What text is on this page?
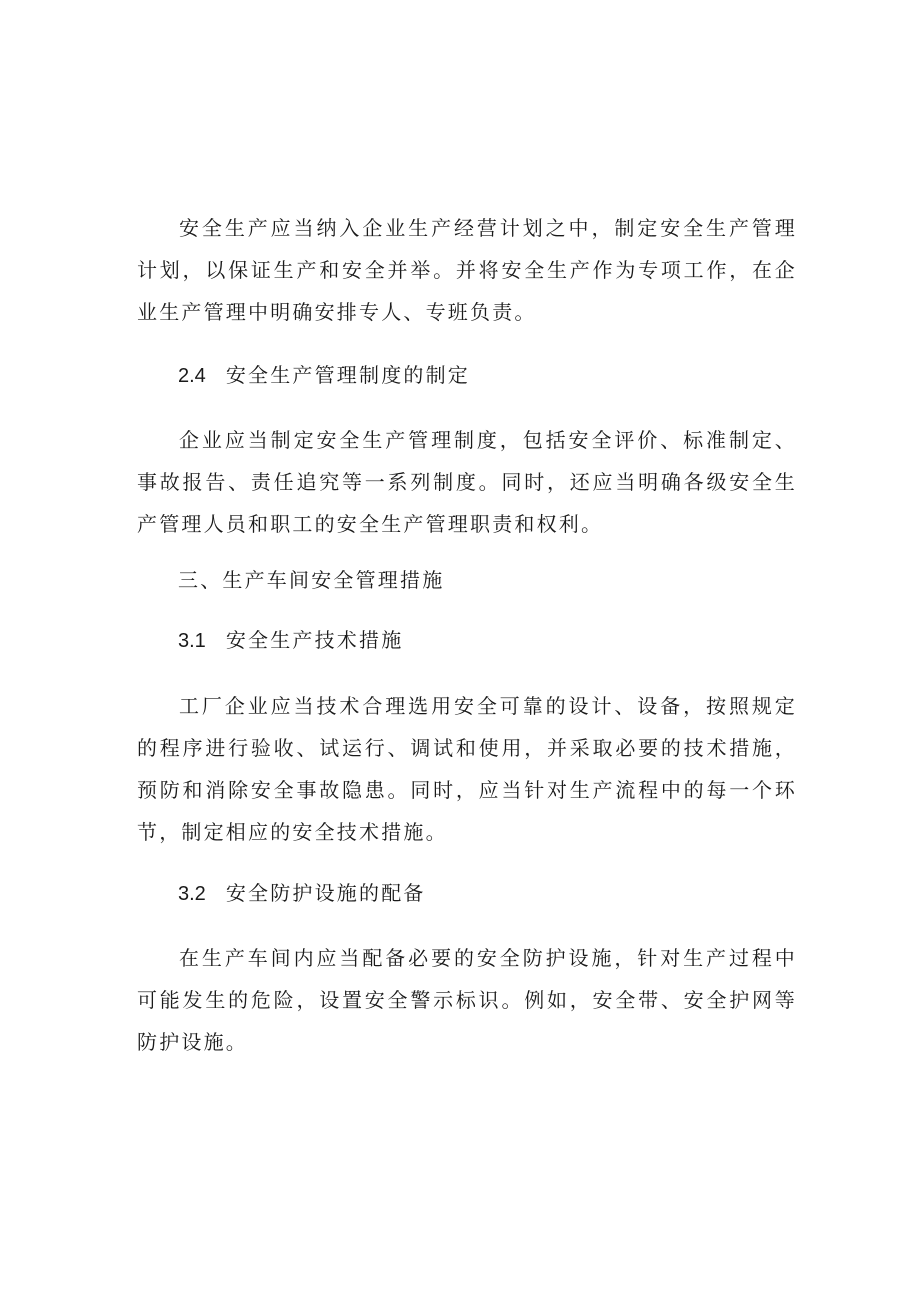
安全生产应当纳入企业生产经营计划之中，制定安全生产管理计划，以保证生产和安全并举。并将安全生产作为专项工作，在企业生产管理中明确安排专人、专班负责。

2.4 安全生产管理制度的制定

企业应当制定安全生产管理制度，包括安全评价、标准制定、事故报告、责任追究等一系列制度。同时，还应当明确各级安全生产管理人员和职工的安全生产管理职责和权利。

三、生产车间安全管理措施
3.1 安全生产技术措施

工厂企业应当技术合理选用安全可靠的设计、设备，按照规定的程序进行验收、试运行、调试和使用，并采取必要的技术措施，预防和消除安全事故隐患。同时，应当针对生产流程中的每一个环节，制定相应的安全技术措施。

3.2 安全防护设施的配备

在生产车间内应当配备必要的安全防护设施，针对生产过程中可能发生的危险，设置安全警示标识。例如，安全带、安全护网等防护设施。
